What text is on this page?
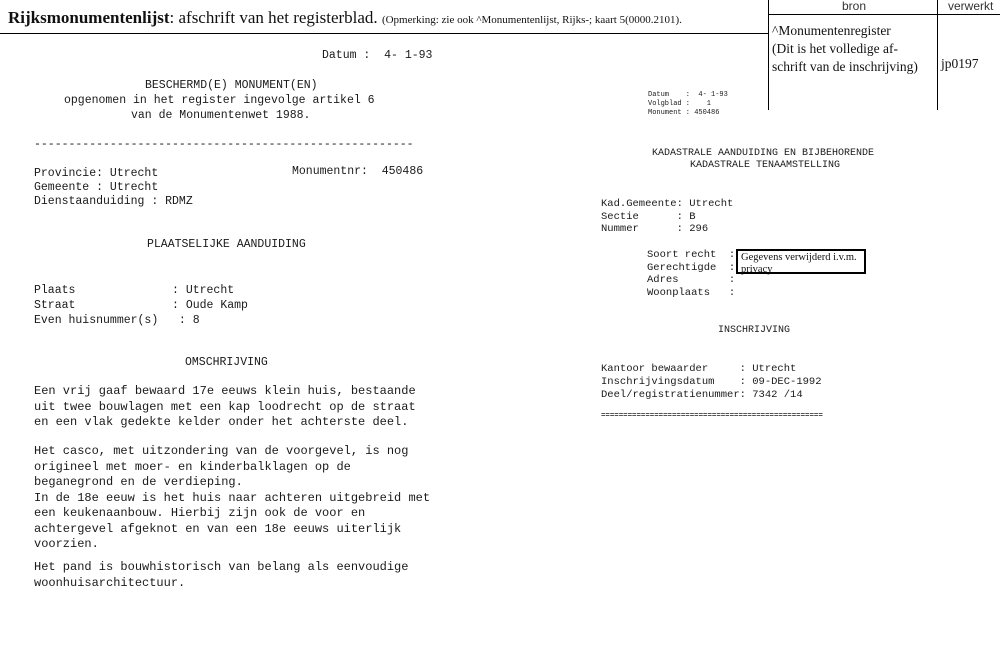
Rijksmonumentenlijst: afschrift van het registerblad. (Opmerking: zie ook ^Monumentenlijst, Rijks-; kaart 5(0000.2101).
bron	verwerkt
^Monumentenregister
(Dit is het volledige af-
schrift van de inschrijving) jp0197
Datum :  4- 1-93
BESCHERMD(E) MONUMENT(EN)
opgenomen in het register ingevolge artikel 6
van de Monumentenwet 1988.
-------------------------------------------------------
Provincie: Utrecht	Monumentnr:  450486
Gemeente : Utrecht
Dienstaanduiding : RDMZ
PLAATSELIJKE AANDUIDING
Plaats              : Utrecht
Straat              : Oude Kamp
Even huisnummer(s)   : 8
OMSCHRIJVING
Een vrij gaaf bewaard 17e eeuws klein huis, bestaande
uit twee bouwlagen met een kap loodrecht op de straat
en een vlak gedekte kelder onder het achterste deel.
Het casco, met uitzondering van de voorgevel, is nog
origineel met moer- en kinderbalklagen op de
beganegrond en de verdieping.
In de 18e eeuw is het huis naar achteren uitgebreid met
een keukenaanbouw. Hierbij zijn ook de voor en
achtergevel afgeknot en van een 18e eeuws uiterlijk
voorzien.
Het pand is bouwhistorisch van belang als eenvoudige
woonhuisarchitectuur.
Datum    :  4- 1-93
Volgblad :    1
Monument : 450486
KADASTRALE AANDUIDING EN BIJBEHORENDE
KADASTRALE TENAAMSTELLING
Kad.Gemeente: Utrecht
Sectie      : B
Nummer      : 296
Soort recht  :
Gerechtigde  :
Adres        :
Woonplaats   :
Gegevens verwijderd i.v.m. privacy
INSCHRIJVING
Kantoor bewaarder     : Utrecht
Inschrijvingsdatum    : 09-DEC-1992
Deel/registratienummer: 7342 /14
==================================================
